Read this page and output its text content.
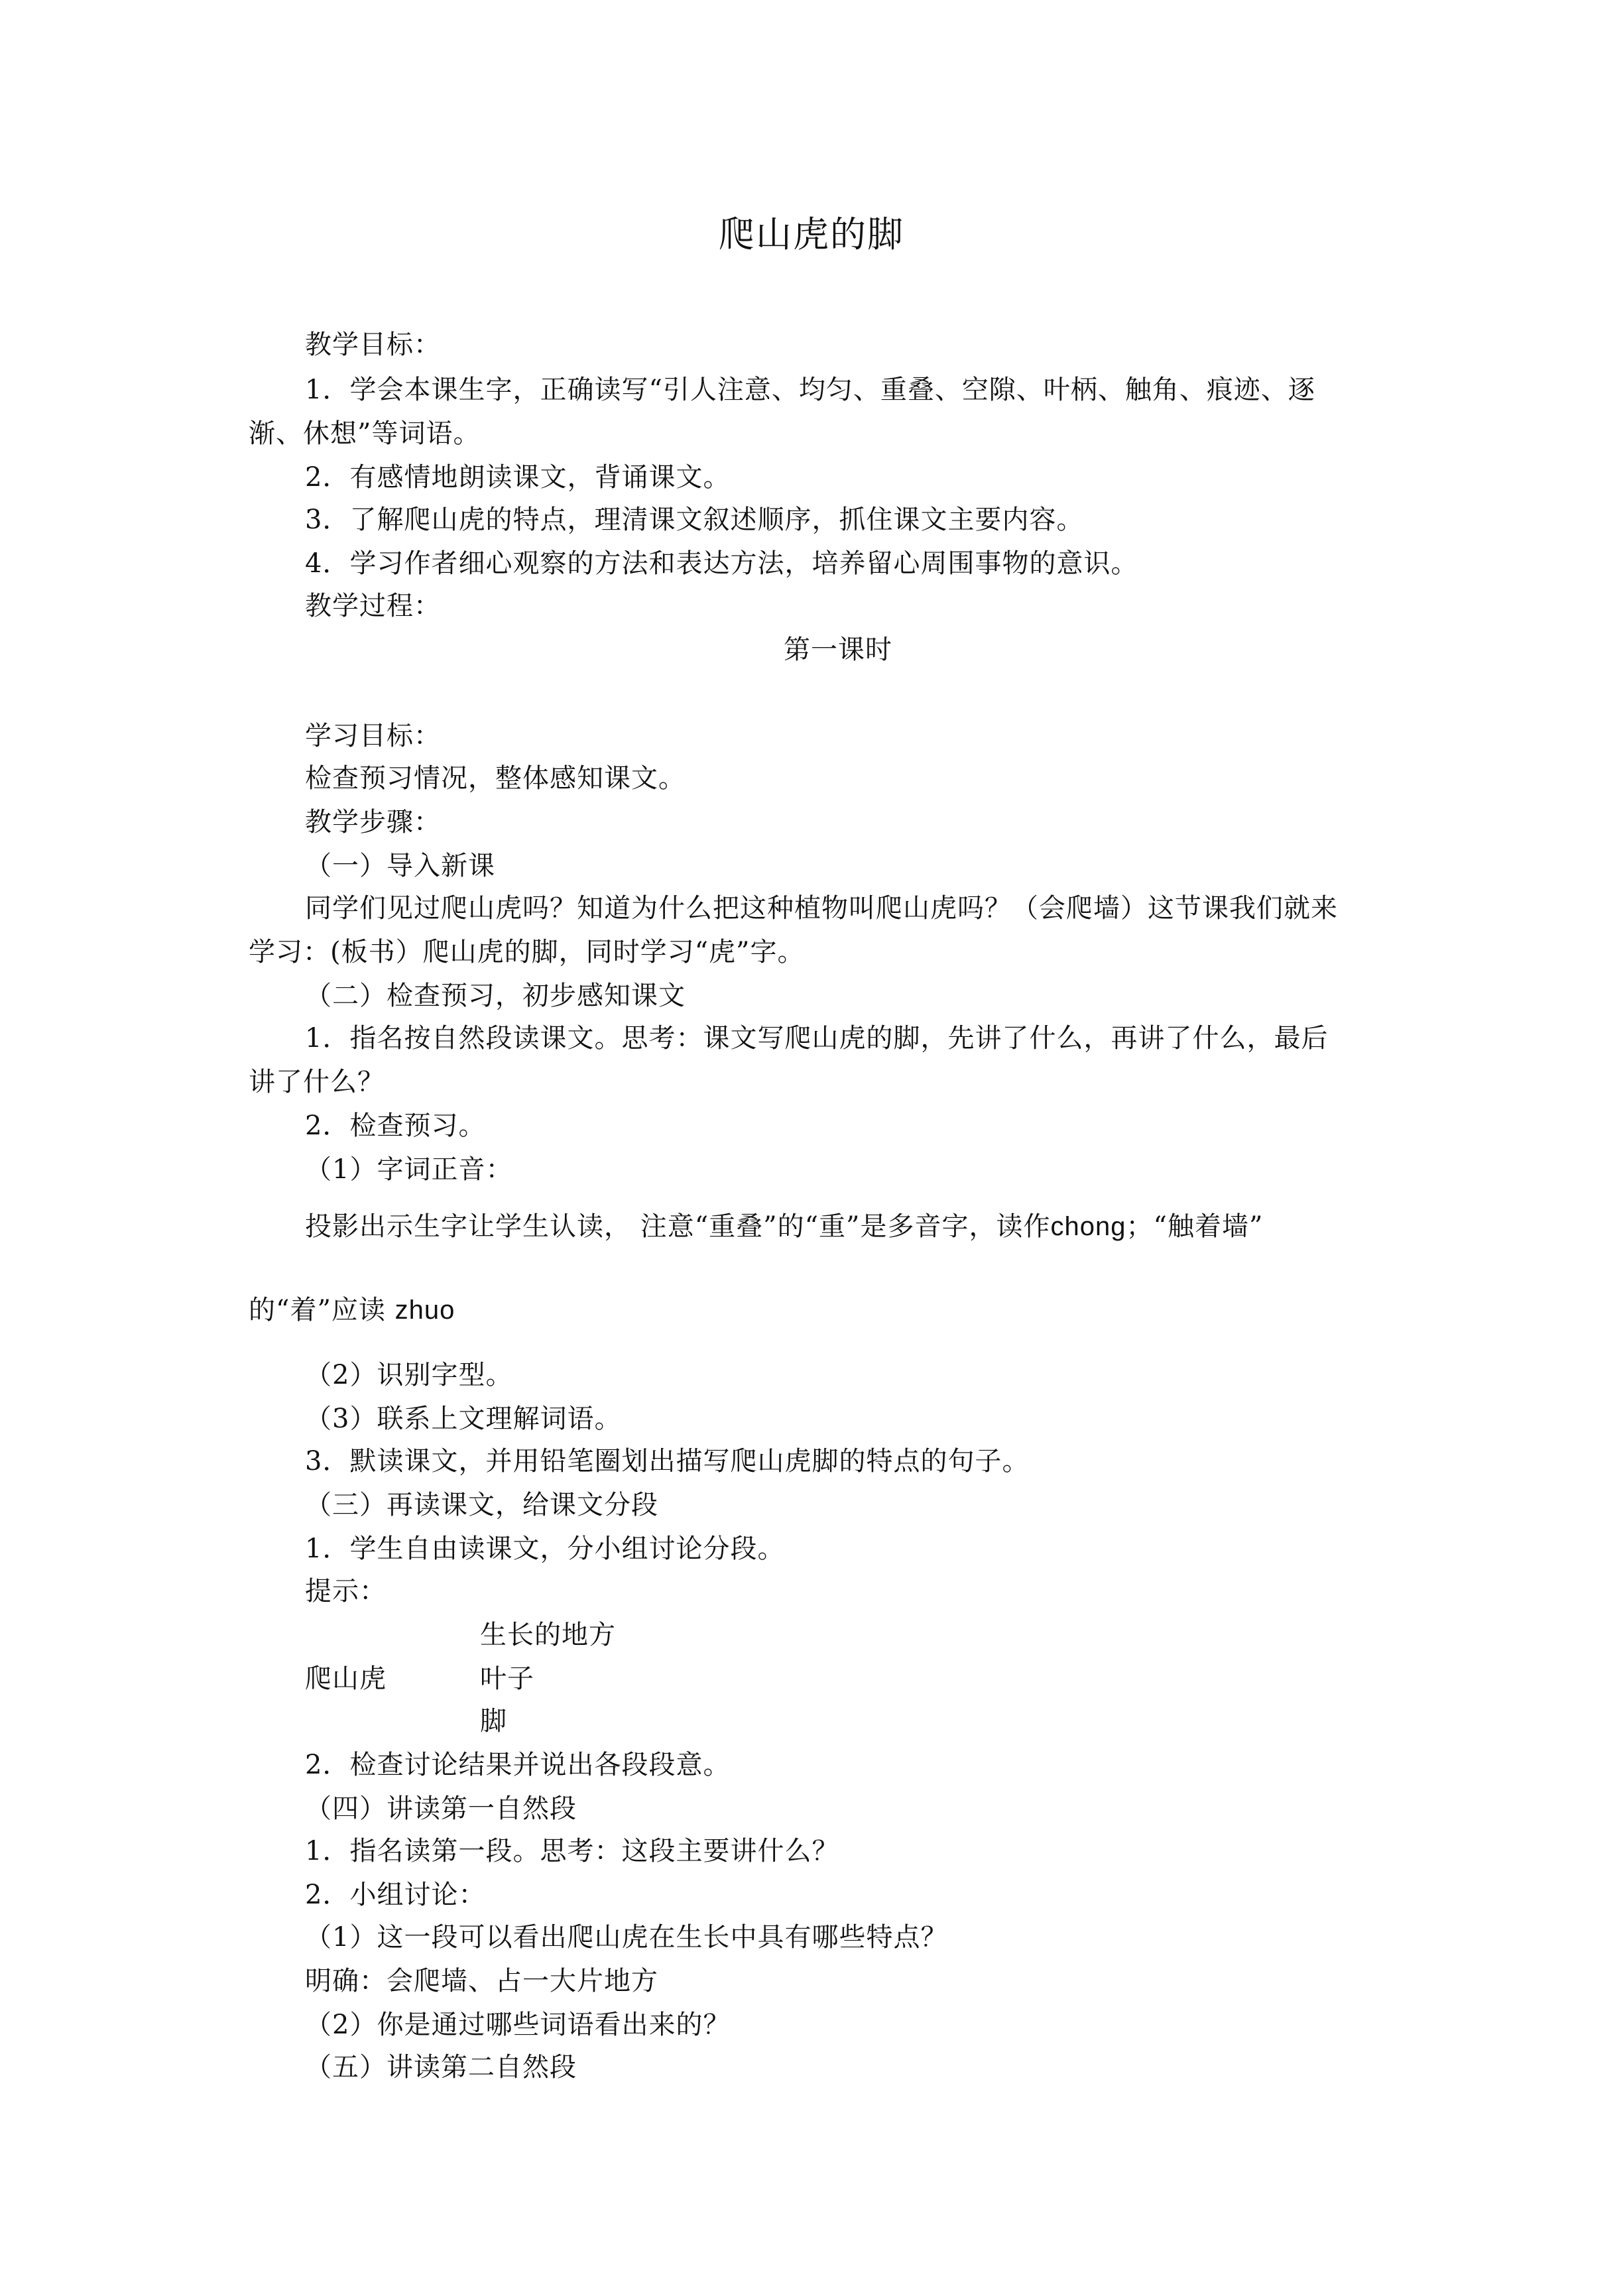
爬山虎的脚
教学目标：
1．学会本课生字，正确读写“引人注意、均匀、重叠、空隙、叶柄、触角、痕迹、逐
渐、休想”等词语。
2．有感情地朗读课文，背诵课文。
3．了解爬山虎的特点，理清课文叙述顺序，抓住课文主要内容。
4．学习作者细心观察的方法和表达方法，培养留心周围事物的意识。
教学过程：
第一课时
学习目标：
检查预习情况，整体感知课文。
教学步骤：
（一）导入新课
同学们见过爬山虎吗？知道为什么把这种植物叫爬山虎吗？（会爬墙）这节课我们就来
学习：(板书）爬山虎的脚，同时学习“虎”字。
（二）检查预习，初步感知课文
1．指名按自然段读课文。思考：课文写爬山虎的脚，先讲了什么，再讲了什么，最后
讲了什么？
2．检查预习。
（1）字词正音：
投影出示生字让学生认读， 注意“重叠”的“重”是多音字，读作chong；“触着墙”
的“着”应读 zhuo
（2）识别字型。
（3）联系上文理解词语。
3．默读课文，并用铅笔圈划出描写爬山虎脚的特点的句子。
（三）再读课文，给课文分段
1．学生自由读课文，分小组讨论分段。
提示：
生长的地方
爬山虎	叶子
脚
2．检查讨论结果并说出各段段意。
（四）讲读第一自然段
1．指名读第一段。思考：这段主要讲什么？
2．小组讨论：
（1）这一段可以看出爬山虎在生长中具有哪些特点？
明确：会爬墙、占一大片地方
（2）你是通过哪些词语看出来的？
（五）讲读第二自然段
